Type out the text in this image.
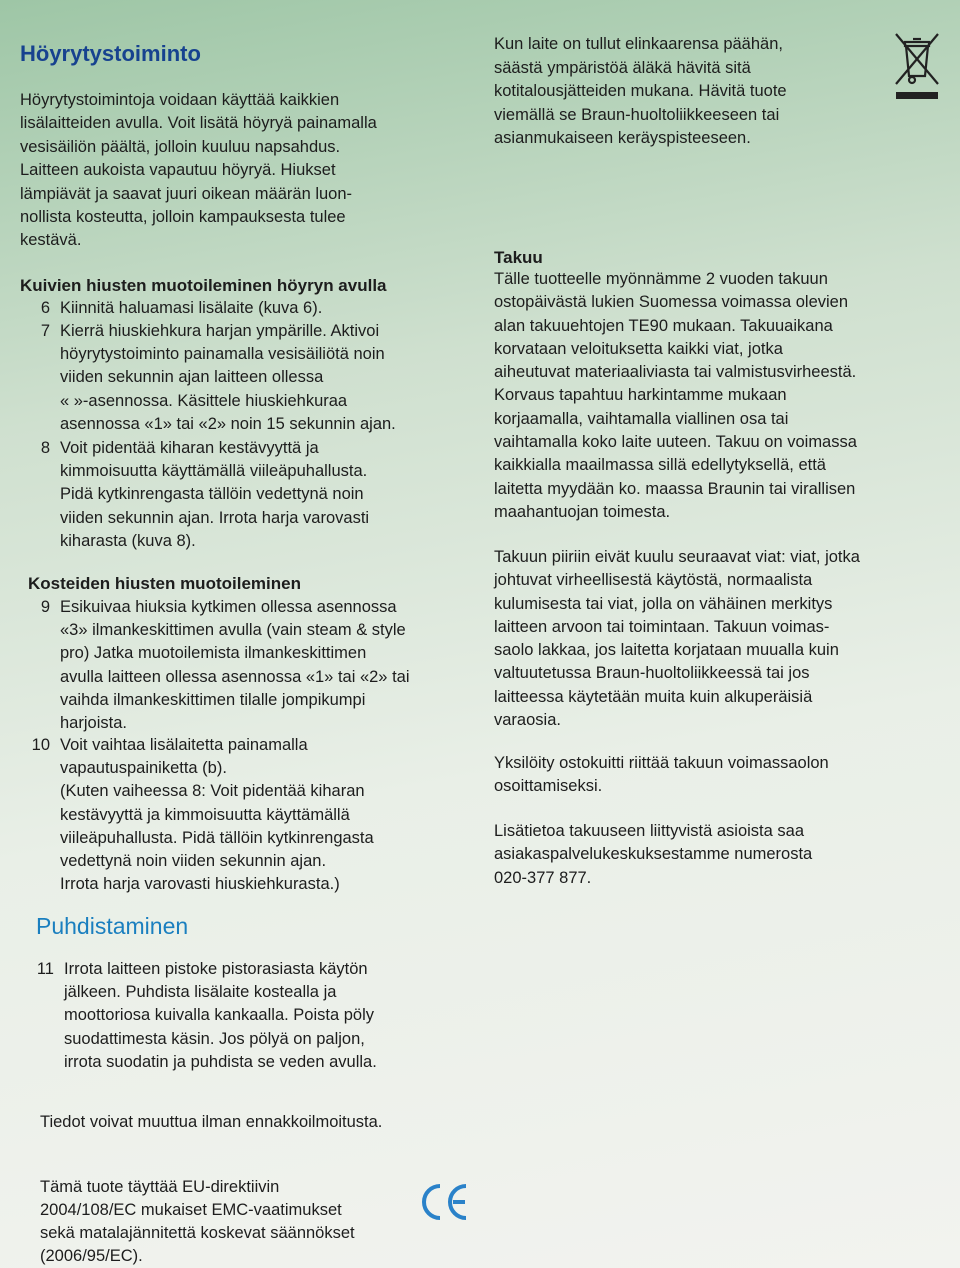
Höyrytystoiminto
Höyrytystoimintoja voidaan käyttää kaikkien
lisälaitteiden avulla. Voit lisätä höyryä painamalla
vesisäiliön päältä, jolloin kuuluu napsahdus.
Laitteen aukoista vapautuu höyryä. Hiukset
lämpiävät ja saavat juuri oikean määrän luon-
nollista kosteutta, jolloin kampauksesta tulee
kestävä.
Kuivien hiusten muotoileminen höyryn avulla
6 Kiinnitä haluamasi lisälaite (kuva 6).
7 Kierrä hiuskiehkura harjan ympärille. Aktivoi
höyrytystoiminto painamalla vesisäiliötä noin
viiden sekunnin ajan laitteen ollessa
« »-asennossa. Käsittele hiuskiehkuraa
asennossa «1» tai «2» noin 15 sekunnin ajan.
8 Voit pidentää kiharan kestävyyttä ja
kimmoisuutta käyttämällä viileäpuhallusta.
Pidä kytkinrengasta tällöin vedettynä noin
viiden sekunnin ajan. Irrota harja varovasti
kiharasta (kuva 8).
Kosteiden hiusten muotoileminen
9 Esikuivaa hiuksia kytkimen ollessa asennossa
«3» ilmankeskittimen avulla (vain steam & style
pro) Jatka muotoilemista ilmankeskittimen
avulla laitteen ollessa asennossa «1» tai «2» tai
vaihda ilmankeskittimen tilalle jompikumpi
harjoista.
10 Voit vaihtaa lisälaitetta painamalla
vapautuspainiketta (b).
(Kuten vaiheessa 8: Voit pidentää kiharan
kestävyyttä ja kimmoisuutta käyttämällä
viileäpuhallusta. Pidä tällöin kytkinrengasta
vedettynä noin viiden sekunnin ajan.
Irrota harja varovasti hiuskiehkurasta.)
Puhdistaminen
11 Irrota laitteen pistoke pistorasiasta käytön
jälkeen. Puhdista lisälaite kostealla ja
moottoriosa kuivalla kankaalla. Poista pöly
suodattimesta käsin. Jos pölyä on paljon,
irrota suodatin ja puhdista se veden avulla.
Tiedot voivat muuttua ilman ennakkoilmoitusta.
Tämä tuote täyttää EU-direktiivin
2004/108/EC mukaiset EMC-vaatimukset
sekä matalajännitettä koskevat säännökset
(2006/95/EC).
Kun laite on tullut elinkaarensa päähän,
säästä ympäristöä äläkä hävitä sitä
kotitalousjätteiden mukana. Hävitä tuote
viemällä se Braun-huoltoliikkeeseen tai
asianmukaiseen keräyspisteeseen.
Takuu
Tälle tuotteelle myönnämme 2 vuoden takuun
ostopäivästä lukien Suomessa voimassa olevien
alan takuuehtojen TE90 mukaan. Takuuaikana
korvataan veloituksetta kaikki viat, jotka
aiheutuvat materiaaliviasta tai valmistusvirheestä.
Korvaus tapahtuu harkintamme mukaan
korjaamalla, vaihtamalla viallinen osa tai
vaihtamalla koko laite uuteen. Takuu on voimassa
kaikkialla maailmassa sillä edellytyksellä, että
laitetta myydään ko. maassa Braunin tai virallisen
maahantuojan toimesta.
Takuun piiriin eivät kuulu seuraavat viat: viat, jotka
johtuvat virheellisestä käytöstä, normaalista
kulumisesta tai viat, jolla on vähäinen merkitys
laitteen arvoon tai toimintaan. Takuun voimas-
saolo lakkaa, jos laitetta korjataan muualla kuin
valtuutetussa Braun-huoltoliikkeessä tai jos
laitteessa käytetään muita kuin alkuperäisiä
varaosia.
Yksilöity ostokuitti riittää takuun voimassaolon
osoittamiseksi.
Lisätietoa takuuseen liittyvistä asioista saa
asiakaspalvelukeskuksestamme numerosta
020-377 877.
